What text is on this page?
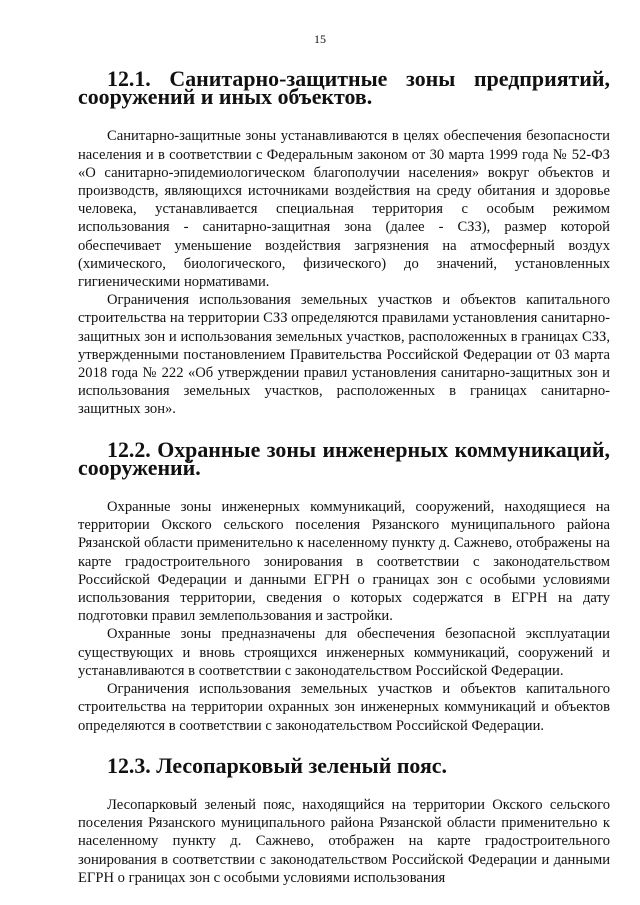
15
12.1. Санитарно-защитные зоны предприятий, сооружений и иных объектов.

Санитарно-защитные зоны устанавливаются в целях обеспечения безопасности населения и в соответствии с Федеральным законом от 30 марта 1999 года № 52-ФЗ «О санитарно-эпидемиологическом благополучии населения» вокруг объектов и производств, являющихся источниками воздействия на среду обитания и здоровье человека, устанавливается специальная территория с особым режимом использования - санитарно-защитная зона (далее - СЗЗ), размер которой обеспечивает уменьшение воздействия загрязнения на атмосферный воздух (химического, биологического, физического) до значений, установленных гигиеническими нормативами.

Ограничения использования земельных участков и объектов капитального строительства на территории СЗЗ определяются правилами установления санитарно-защитных зон и использования земельных участков, расположенных в границах СЗЗ, утвержденными постановлением Правительства Российской Федерации от 03 марта 2018 года № 222 «Об утверждении правил установления санитарно-защитных зон и использования земельных участков, расположенных в границах санитарно-защитных зон».

12.2. Охранные зоны инженерных коммуникаций, сооружений.

Охранные зоны инженерных коммуникаций, сооружений, находящиеся на территории Окского сельского поселения Рязанского муниципального района Рязанской области применительно к населенному пункту д. Сажнево, отображены на карте градостроительного зонирования в соответствии с законодательством Российской Федерации и данными ЕГРН о границах зон с особыми условиями использования территории, сведения о которых содержатся в ЕГРН на дату подготовки правил землепользования и застройки.

Охранные зоны предназначены для обеспечения безопасной эксплуатации существующих и вновь строящихся инженерных коммуникаций, сооружений и устанавливаются в соответствии с законодательством Российской Федерации.

Ограничения использования земельных участков и объектов капитального строительства на территории охранных зон инженерных коммуникаций и объектов определяются в соответствии с законодательством Российской Федерации.

12.3. Лесопарковый зеленый пояс.

Лесопарковый зеленый пояс, находящийся на территории Окского сельского поселения Рязанского муниципального района Рязанской области применительно к населенному пункту д. Сажнево, отображен на карте градостроительного зонирования в соответствии с законодательством Российской Федерации и данными ЕГРН о границах зон с особыми условиями использования
